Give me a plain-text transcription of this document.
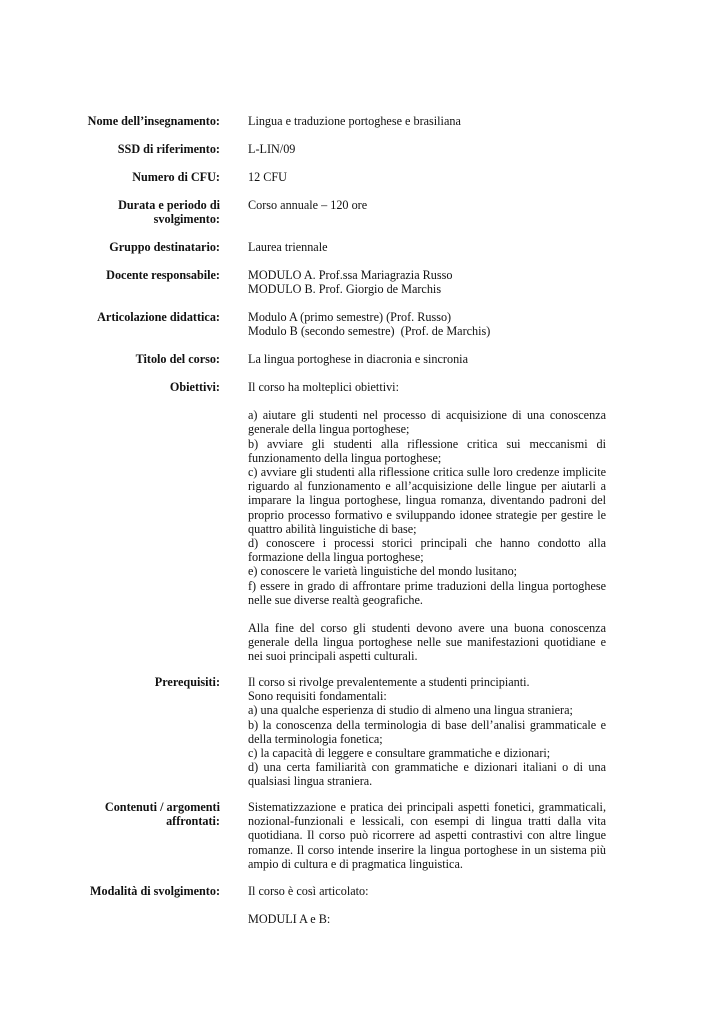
Nome dell’insegnamento: Lingua e traduzione portoghese e brasiliana
SSD di riferimento: L-LIN/09
Numero di CFU: 12 CFU
Durata e periodo di
svolgimento:
Corso annuale – 120 ore
Gruppo destinatario: Laurea triennale
Docente responsabile: MODULO A. Prof.ssa Mariagrazia Russo
MODULO B. Prof. Giorgio de Marchis
Articolazione didattica: Modulo A (primo semestre) (Prof. Russo)
Modulo B (secondo semestre)  (Prof. de Marchis)
Titolo del corso: La lingua portoghese in diacronia e sincronia
Obiettivi: Il corso ha molteplici obiettivi:
a) aiutare gli studenti nel processo di acquisizione di una conoscenza
generale della lingua portoghese;
b) avviare gli studenti alla riflessione critica sui meccanismi di
funzionamento della lingua portoghese;
c) avviare gli studenti alla riflessione critica sulle loro credenze implicite
riguardo al funzionamento e all’acquisizione delle lingue per aiutarli a
imparare la lingua portoghese, lingua romanza, diventando padroni del
proprio processo formativo e sviluppando idonee strategie per gestire le
quattro abilità linguistiche di base;
d) conoscere i processi storici principali che hanno condotto alla
formazione della lingua portoghese;
e) conoscere le varietà linguistiche del mondo lusitano;
f) essere in grado di affrontare prime traduzioni della lingua portoghese
nelle sue diverse realtà geografiche.
Alla fine del corso gli studenti devono avere una buona conoscenza
generale della lingua portoghese nelle sue manifestazioni quotidiane e
nei suoi principali aspetti culturali.
Prerequisiti: Il corso si rivolge prevalentemente a studenti principianti.
Sono requisiti fondamentali:
a) una qualche esperienza di studio di almeno una lingua straniera;
b) la conoscenza della terminologia di base dell’analisi grammaticale e
della terminologia fonetica;
c) la capacità di leggere e consultare grammatiche e dizionari;
d) una certa familiarità con grammatiche e dizionari italiani o di una
qualsiasi lingua straniera.
Contenuti / argomenti
affrontati:
Sistematizzazione e pratica dei principali aspetti fonetici, grammaticali,
nozional-funzionali e lessicali, con esempi di lingua tratti dalla vita
quotidiana. Il corso può ricorrere ad aspetti contrastivi con altre lingue
romanze. Il corso intende inserire la lingua portoghese in un sistema più
ampio di cultura e di pragmatica linguistica.
Modalità di svolgimento: Il corso è così articolato:
MODULI A e B:
